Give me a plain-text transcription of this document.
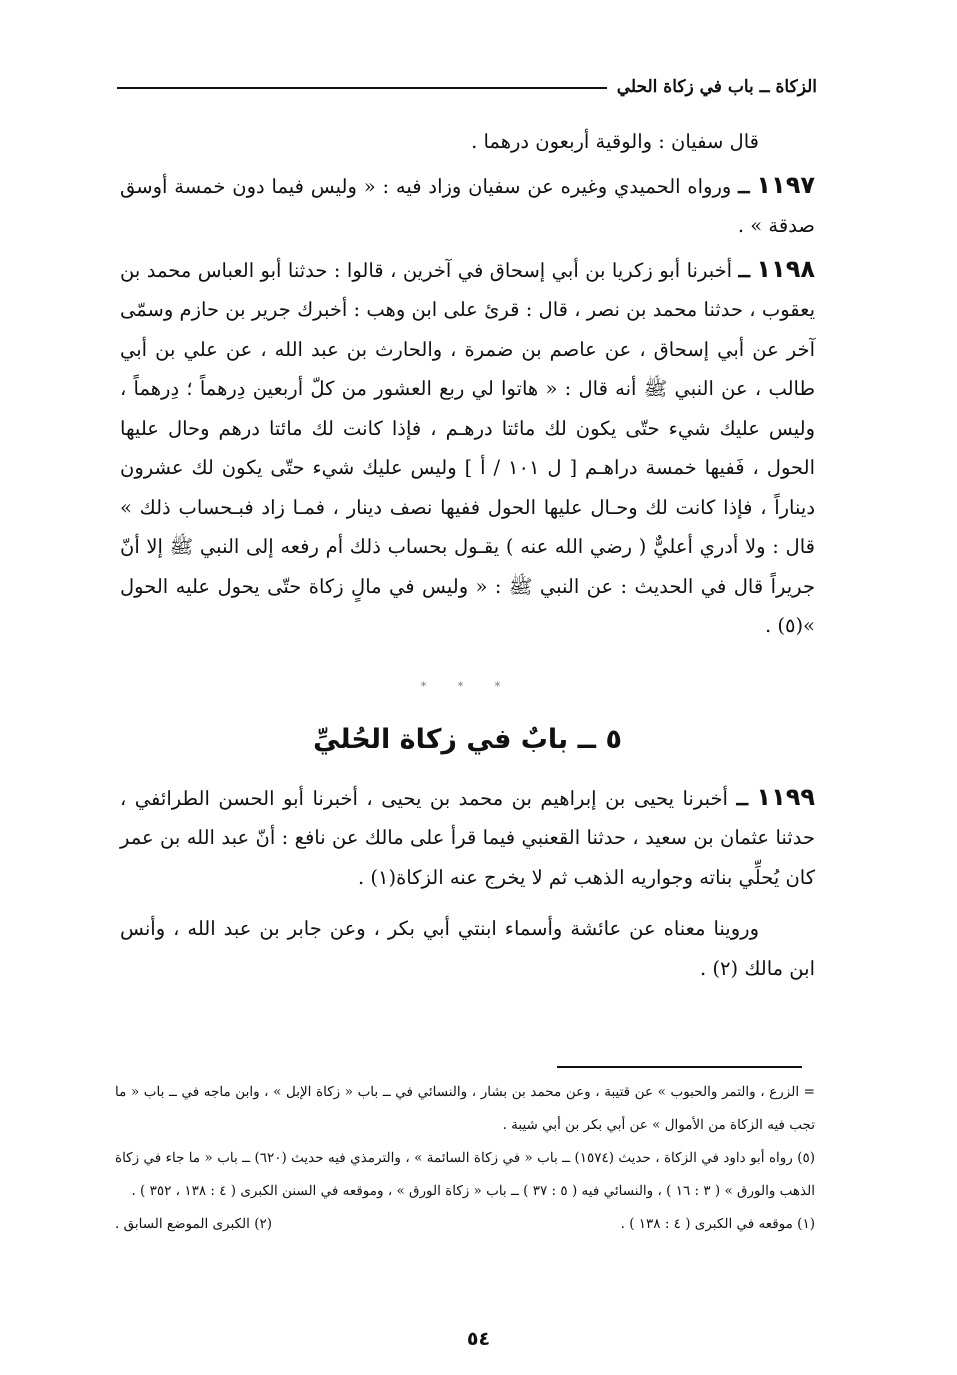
الزكاة ــ باب في زكاة الحلي

قال سفيان : والوقية أربعون درهما .

١١٩٧ ــ ورواه الحميدي وغيره عن سفيان وزاد فيه : « وليس فيما دون خمسة أوسق صدقة » .

١١٩٨ ــ أخبرنا أبو زكريا بن أبي إسحاق في آخرين ، قالوا : حدثنا أبو العباس محمد بن يعقوب ، حدثنا محمد بن نصر ، قال : قرئ على ابن وهب : أخبرك جرير بن حازم وسمّى آخر عن أبي إسحاق ، عن عاصم بن ضمرة ، والحارث بن عبد الله ، عن علي بن أبي طالب ، عن النبي ﷺ أنه قال : « هاتوا لي ربع العشور من كلّ أربعين دِرهماً ؛ دِرهماً ، وليس عليك شيء حتّى يكون لك مائتا درهـم ، فإذا كانت لك مائتا درهم وحال عليها الحول ، فَفيها خمسة دراهـم [ ل ١٠١ / أ ] وليس عليك شيء حتّى يكون لك عشرون ديناراً ، فإذا كانت لك وحـال عليها الحول ففيها نصف دينار ، فمـا زاد فبـحساب ذلك » قال : ولا أدري أعليٌّ ( رضي الله عنه ) يقـول بحساب ذلك أم رفعه إلى النبي ﷺ إلا أنّ جريراً قال في الحديث : عن النبي ﷺ : « وليس في مالٍ زكاة حتّى يحول عليه الحول »(٥) .

* * *

٥ ــ بابٌ في زكاة الحُليِّ

١١٩٩ ــ أخبرنا يحيى بن إبراهيم بن محمد بن يحيى ، أخبرنا أبو الحسن الطرائفي ، حدثنا عثمان بن سعيد ، حدثنا القعنبي فيما قرأ على مالك عن نافع : أنّ عبد الله بن عمر كان يُحلِّي بناته وجواريه الذهب ثم لا يخرج عنه الزكاة(١) .

وروينا معناه عن عائشة وأسماء ابنتي أبي بكر ، وعن جابر بن عبد الله ، وأنس ابن مالك (٢) .

= الزرع ، والتمر والحبوب » عن قتيبة ، وعن محمد بن بشار ، والنسائي في ــ باب « زكاة الإبل » ، وابن ماجه في ــ باب « ما تجب فيه الزكاة من الأموال » عن أبي بكر بن أبي شيبة .

(٥) رواه أبو داود في الزكاة ، حديث (١٥٧٤) ــ باب « في زكاة السائمة » ، والترمذي فيه حديث (٦٢٠) ــ باب « ما جاء في زكاة الذهب والورق » ( ٣ : ١٦ ) ، والنسائي فيه ( ٥ : ٣٧ ) ــ باب « زكاة الورق » ، وموقعه في السنن الكبرى ( ٤ : ١٣٨ ، ٣٥٢ ) .

(١) موقعه في الكبرى ( ٤ : ١٣٨ ) .
(٢) الكبرى الموضع السابق .
٥٤
